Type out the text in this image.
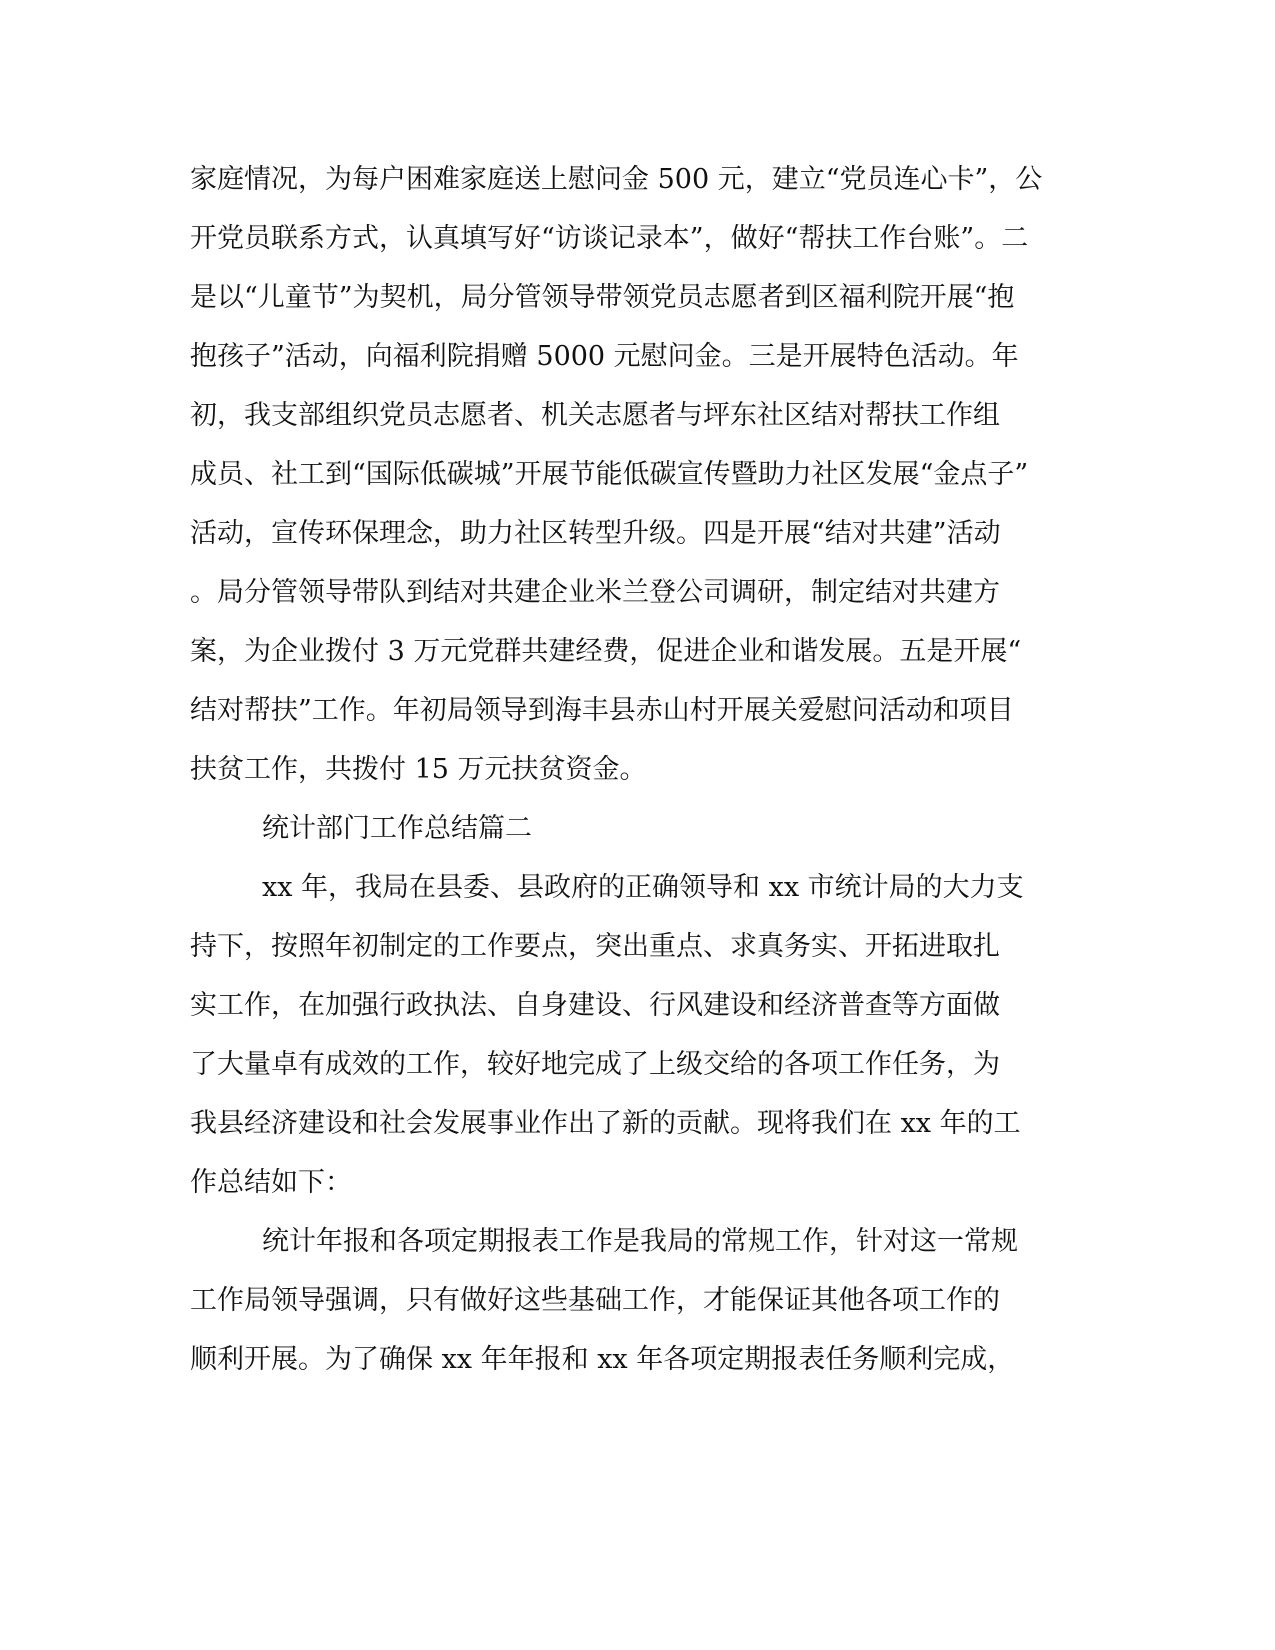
家庭情况，为每户困难家庭送上慰问金 500 元，建立“党员连心卡”，公

开党员联系方式，认真填写好“访谈记录本”，做好“帮扶工作台账”。二

是以“儿童节”为契机，局分管领导带领党员志愿者到区福利院开展“抱

抱孩子”活动，向福利院捐赠 5000 元慰问金。三是开展特色活动。年

初，我支部组织党员志愿者、机关志愿者与坪东社区结对帮扶工作组

成员、社工到“国际低碳城”开展节能低碳宣传暨助力社区发展“金点子”

活动，宣传环保理念，助力社区转型升级。四是开展“结对共建”活动

。局分管领导带队到结对共建企业米兰登公司调研，制定结对共建方

案，为企业拨付 3 万元党群共建经费，促进企业和谐发展。五是开展“

结对帮扶”工作。年初局领导到海丰县赤山村开展关爱慰问活动和项目

扶贫工作，共拨付 15 万元扶贫资金。

统计部门工作总结篇二

xx 年，我局在县委、县政府的正确领导和 xx 市统计局的大力支

持下，按照年初制定的工作要点，突出重点、求真务实、开拓进取扎

实工作，在加强行政执法、自身建设、行风建设和经济普查等方面做

了大量卓有成效的工作，较好地完成了上级交给的各项工作任务，为

我县经济建设和社会发展事业作出了新的贡献。现将我们在 xx 年的工

作总结如下：

统计年报和各项定期报表工作是我局的常规工作，针对这一常规

工作局领导强调，只有做好这些基础工作，才能保证其他各项工作的

顺利开展。为了确保 xx 年年报和 xx 年各项定期报表任务顺利完成，
